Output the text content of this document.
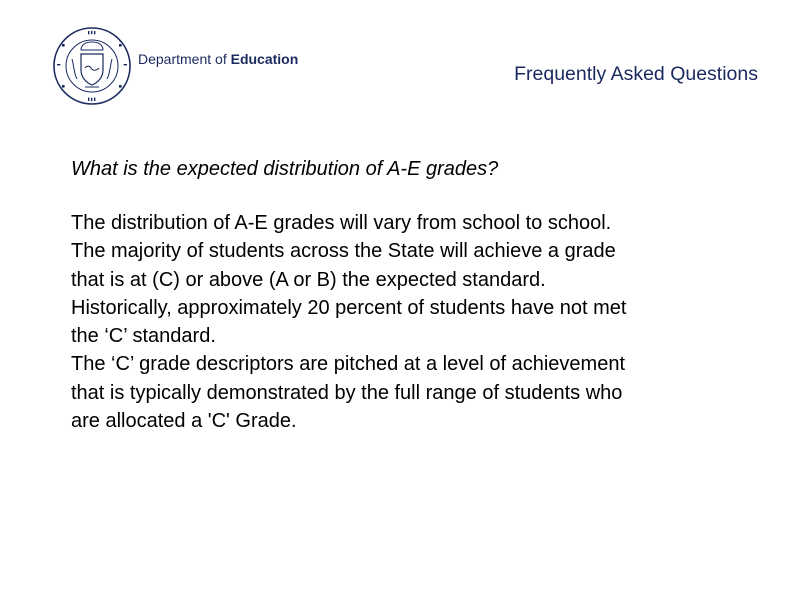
Department of Education
Frequently Asked Questions
What is the expected distribution of A-E grades?
The distribution of A-E grades will vary from school to school.
The majority of students across the State will achieve a grade
that is at (C) or above (A or B) the expected standard.
Historically, approximately 20 percent of students have not met
the ‘C’ standard.
The ‘C’ grade descriptors are pitched at a level of achievement
that is typically demonstrated by the full range of students who
are allocated a 'C' Grade.
